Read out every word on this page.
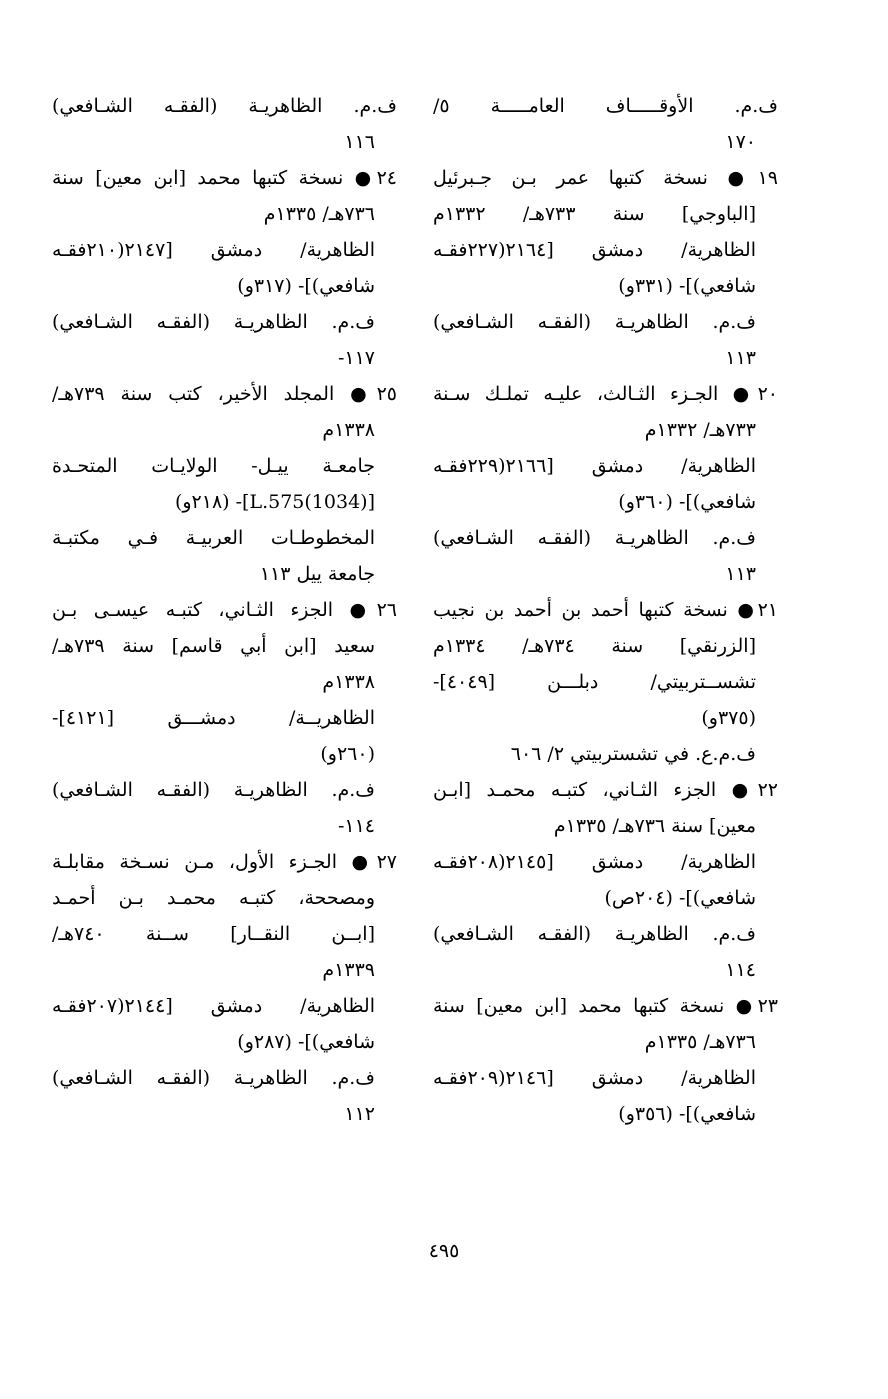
ف.م. الأوقـــــاف العامـــــة ٥/
١٧٠
١٩● نسخة كتبها عمر بـن جـبرئيل
[الباوجي] سنة ٧٣٣هـ/ ١٣٣٢م
الظاهرية/ دمشق [٢١٦٤(٢٢٧فقـه
شافعي)]- (٣٣١و)
ف.م. الظاهريـة (الفقـه الشـافعي)
١١٣
٢٠● الجـزء الثـالث، عليـه تملـك سـنة
٧٣٣هـ/ ١٣٣٢م
الظاهرية/ دمشق [٢١٦٦(٢٢٩فقـه
شافعي)]- (٣٦٠و)
ف.م. الظاهريـة (الفقـه الشـافعي)
١١٣
٢١● نسخة كتبها أحمد بن أحمد بن نجيب
[الزرنقي] سنة ٧٣٤هـ/ ١٣٣٤م
تشســتربيتي/ دبلـــن [٤٠٤٩]-
(٣٧٥و)
ف.م.ع. في تشستربيتي ٢/ ٦٠٦
٢٢● الجزء الثـاني، كتبـه محمـد [ابـن
معين] سنة ٧٣٦هـ/ ١٣٣٥م
الظاهرية/ دمشق [٢١٤٥(٢٠٨فقـه
شافعي)]- (٢٠٤ص)
ف.م. الظاهريـة (الفقـه الشـافعي)
١١٤
٢٣● نسخة كتبها محمد [ابن معين] سنة
٧٣٦هـ/ ١٣٣٥م
الظاهرية/ دمشق [٢١٤٦(٢٠٩فقـه
شافعي)]- (٣٥٦و)
ف.م. الظاهريـة (الفقـه الشـافعي)
١١٦
٢٤● نسخة كتبها محمد [ابن معين] سنة
٧٣٦هـ/ ١٣٣٥م
الظاهرية/ دمشق [٢١٤٧(٢١٠فقـه
شافعي)]- (٣١٧و)
ف.م. الظاهريـة (الفقـه الشـافعي)
١١٧-
٢٥● المجلد الأخير، كتب سنة ٧٣٩هـ/
١٣٣٨م
جامعـة ييـل- الولايـات المتحـدة
[L.575(1034)]- (٢١٨و)
المخطوطـات العربيـة فـي مكتبـة
جامعة ييل ١١٣
٢٦● الجزء الثـاني، كتبـه عيسـى بـن
سعيد [ابن أبي قاسم] سنة ٧٣٩هـ/
١٣٣٨م
الظاهريــة/ دمشـــق [٤١٢١]-
(٢٦٠و)
ف.م. الظاهريـة (الفقـه الشـافعي)
١١٤-
٢٧● الجـزء الأول، مـن نسـخة مقابلـة
ومصححة، كتبـه محمـد بـن أحمـد
[ابــن النقــار] ســنة ٧٤٠هـ/
١٣٣٩م
الظاهرية/ دمشق [٢١٤٤(٢٠٧فقـه
شافعي)]- (٢٨٧و)
ف.م. الظاهريـة (الفقـه الشـافعي)
١١٢
٤٩٥
